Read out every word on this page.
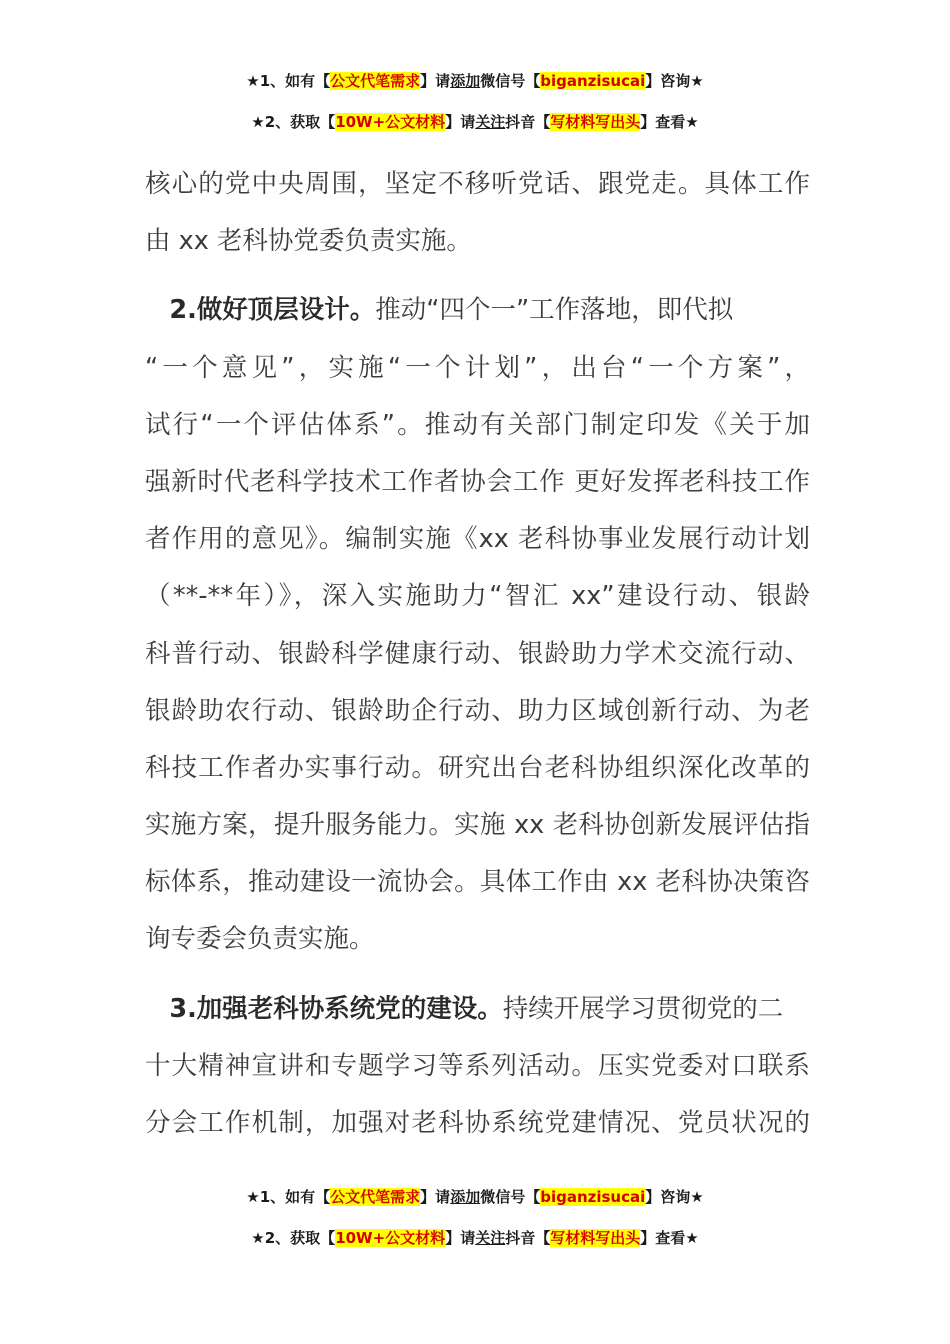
★1、如有【公文代笔需求】请添加微信号【biganzisucai】咨询★
★2、获取【10W+公文材料】请关注抖音【写材料写出头】查看★
核心的党中央周围，坚定不移听党话、跟党走。具体工作
由 xx 老科协党委负责实施。
2.做好顶层设计。推动“四个一”工作落地，即代拟
“一个意见”，实施“一个计划”，出台“一个方案”，
试行“一个评估体系”。推动有关部门制定印发《关于加
强新时代老科学技术工作者协会工作 更好发挥老科技工作
者作用的意见》。编制实施《xx 老科协事业发展行动计划
（**-**年）》，深入实施助力“智汇 xx”建设行动、银龄
科普行动、银龄科学健康行动、银龄助力学术交流行动、
银龄助农行动、银龄助企行动、助力区域创新行动、为老
科技工作者办实事行动。研究出台老科协组织深化改革的
实施方案，提升服务能力。实施 xx 老科协创新发展评估指
标体系，推动建设一流协会。具体工作由 xx 老科协决策咨
询专委会负责实施。
3.加强老科协系统党的建设。持续开展学习贯彻党的二
十大精神宣讲和专题学习等系列活动。压实党委对口联系
分会工作机制，加强对老科协系统党建情况、党员状况的
★1、如有【公文代笔需求】请添加微信号【biganzisucai】咨询★
★2、获取【10W+公文材料】请关注抖音【写材料写出头】查看★
